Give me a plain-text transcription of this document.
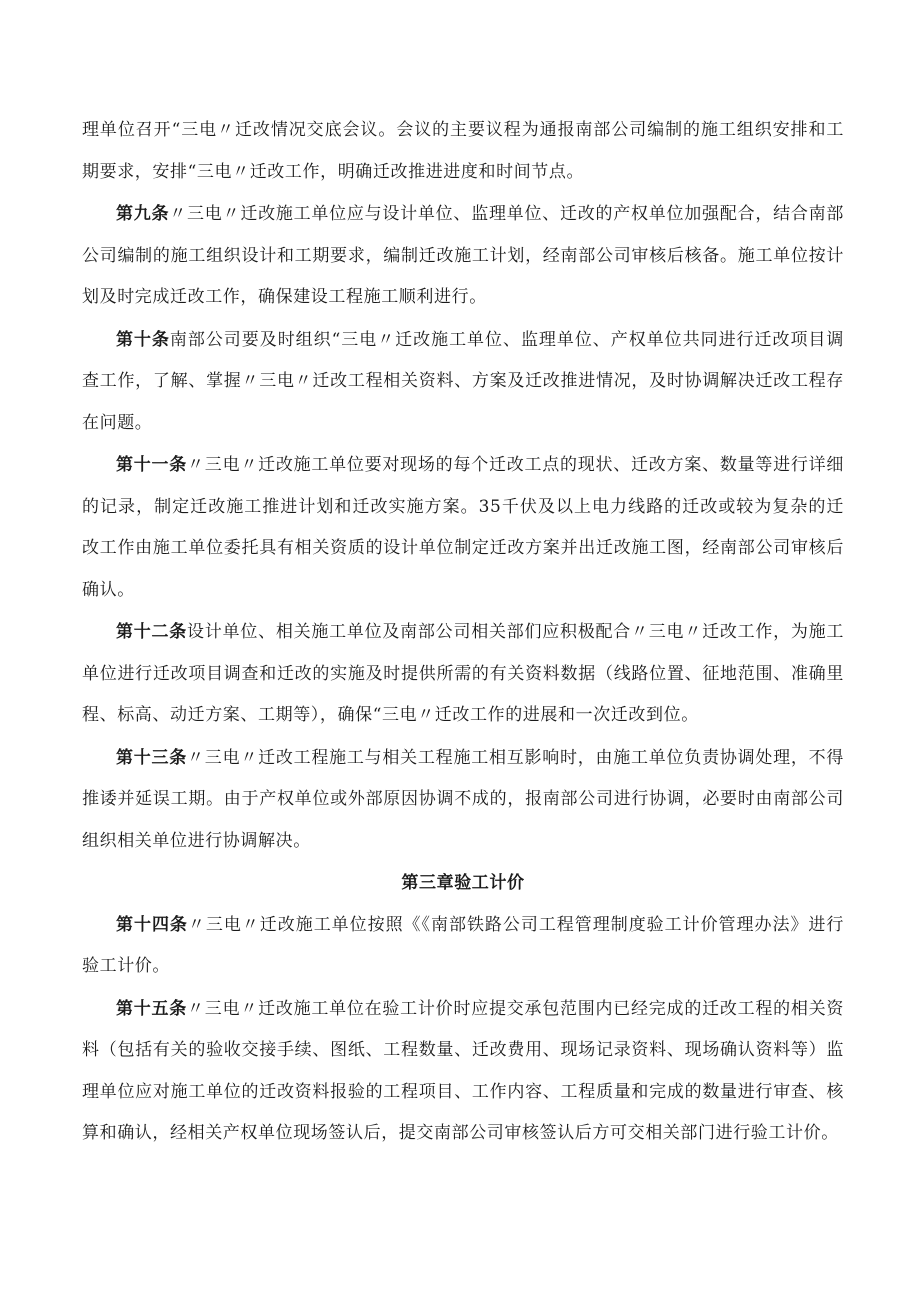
理单位召开“三电〃迁改情况交底会议。会议的主要议程为通报南部公司编制的施工组织安排和工期要求，安排“三电〃迁改工作，明确迁改推进进度和时间节点。

第九条〃三电〃迁改施工单位应与设计单位、监理单位、迁改的产权单位加强配合，结合南部公司编制的施工组织设计和工期要求，编制迁改施工计划，经南部公司审核后核备。施工单位按计划及时完成迁改工作，确保建设工程施工顺利进行。

第十条南部公司要及时组织“三电〃迁改施工单位、监理单位、产权单位共同进行迁改项目调查工作，了解、掌握〃三电〃迁改工程相关资料、方案及迁改推进情况，及时协调解决迁改工程存在问题。

第十一条〃三电〃迁改施工单位要对现场的每个迁改工点的现状、迁改方案、数量等进行详细的记录，制定迁改施工推进计划和迁改实施方案。35千伏及以上电力线路的迁改或较为复杂的迁改工作由施工单位委托具有相关资质的设计单位制定迁改方案并出迁改施工图，经南部公司审核后确认。

第十二条设计单位、相关施工单位及南部公司相关部们应积极配合〃三电〃迁改工作，为施工单位进行迁改项目调查和迁改的实施及时提供所需的有关资料数据（线路位置、征地范围、准确里程、标高、动迁方案、工期等），确保“三电〃迁改工作的进展和一次迁改到位。

第十三条〃三电〃迁改工程施工与相关工程施工相互影响时，由施工单位负责协调处理，不得推诿并延误工期。由于产权单位或外部原因协调不成的，报南部公司进行协调，必要时由南部公司组织相关单位进行协调解决。

第三章验工计价

第十四条〃三电〃迁改施工单位按照《《南部铁路公司工程管理制度验工计价管理办法》进行验工计价。

第十五条〃三电〃迁改施工单位在验工计价时应提交承包范围内已经完成的迁改工程的相关资料（包括有关的验收交接手续、图纸、工程数量、迁改费用、现场记录资料、现场确认资料等）监理单位应对施工单位的迁改资料报验的工程项目、工作内容、工程质量和完成的数量进行审查、核算和确认，经相关产权单位现场签认后，提交南部公司审核签认后方可交相关部门进行验工计价。
